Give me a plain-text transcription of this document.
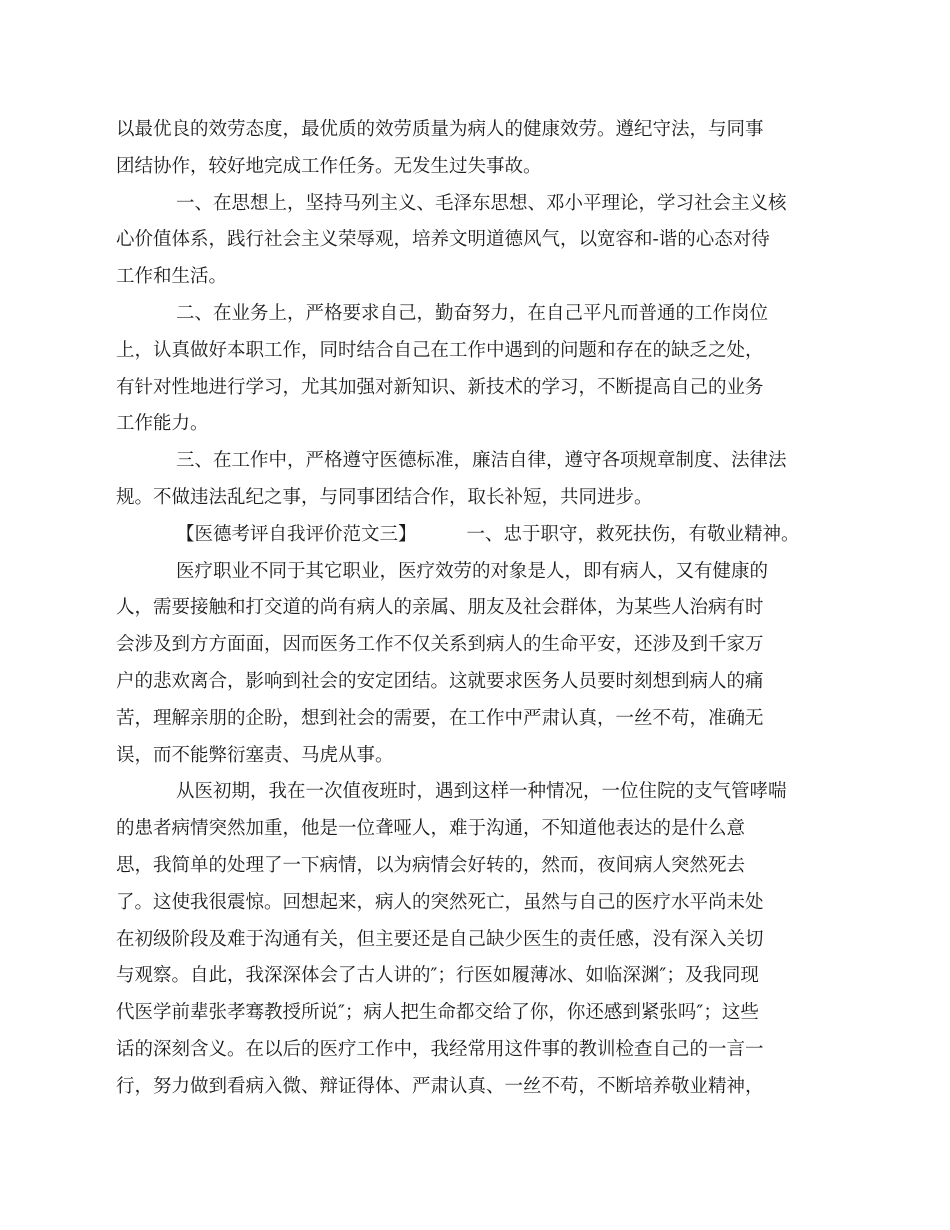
以最优良的效劳态度，最优质的效劳质量为病人的健康效劳。遵纪守法，与同事
团结协作，较好地完成工作任务。无发生过失事故。
一、在思想上，坚持马列主义、毛泽东思想、邓小平理论，学习社会主义核
心价值体系，践行社会主义荣辱观，培养文明道德风气，以宽容和-谐的心态对待
工作和生活。
二、在业务上，严格要求自己，勤奋努力，在自己平凡而普通的工作岗位
上，认真做好本职工作，同时结合自己在工作中遇到的问题和存在的缺乏之处，
有针对性地进行学习，尤其加强对新知识、新技术的学习，不断提高自己的业务
工作能力。
三、在工作中，严格遵守医德标准，廉洁自律，遵守各项规章制度、法律法
规。不做违法乱纪之事，与同事团结合作，取长补短，共同进步。
【医德考评自我评价范文三】	一、忠于职守，救死扶伤，有敬业精神。
医疗职业不同于其它职业，医疗效劳的对象是人，即有病人，又有健康的
人，需要接触和打交道的尚有病人的亲属、朋友及社会群体，为某些人治病有时
会涉及到方方面面，因而医务工作不仅关系到病人的生命平安，还涉及到千家万
户的悲欢离合，影响到社会的安定团结。这就要求医务人员要时刻想到病人的痛
苦，理解亲朋的企盼，想到社会的需要，在工作中严肃认真，一丝不苟，准确无
误，而不能弊衍塞责、马虎从事。
从医初期，我在一次值夜班时，遇到这样一种情况，一位住院的支气管哮喘
的患者病情突然加重，他是一位聋哑人，难于沟通，不知道他表达的是什么意
思，我简单的处理了一下病情，以为病情会好转的，然而，夜间病人突然死去
了。这使我很震惊。回想起来，病人的突然死亡，虽然与自己的医疗水平尚未处
在初级阶段及难于沟通有关，但主要还是自己缺少医生的责任感，没有深入关切
与观察。自此，我深深体会了古人讲的″；行医如履薄冰、如临深渊″；及我同现
代医学前辈张孝骞教授所说″；病人把生命都交给了你，你还感到紧张吗″；这些
话的深刻含义。在以后的医疗工作中，我经常用这件事的教训检查自己的一言一
行，努力做到看病入微、辩证得体、严肃认真、一丝不苟，不断培养敬业精神，
